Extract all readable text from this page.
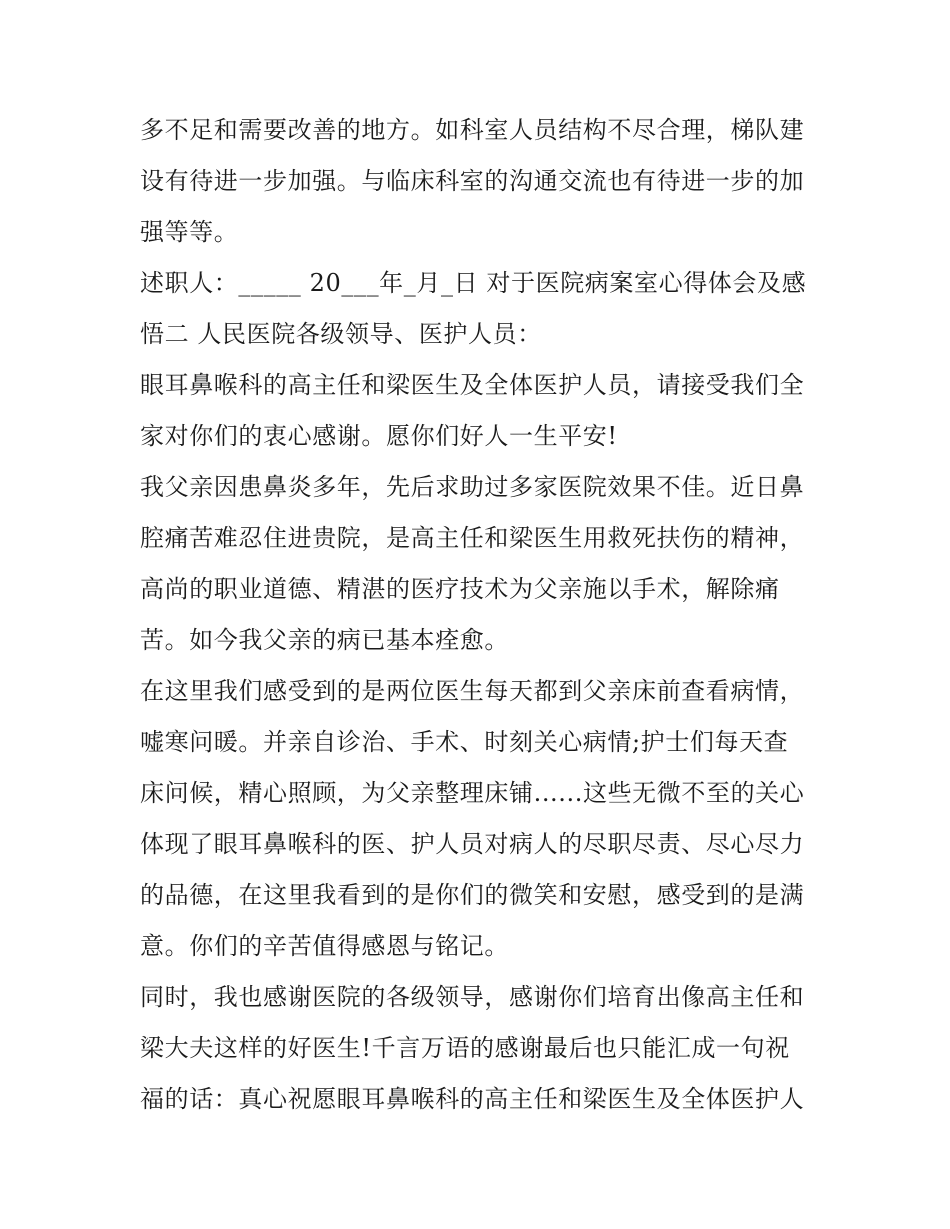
多不足和需要改善的地方。如科室人员结构不尽合理，梯队建
设有待进一步加强。与临床科室的沟通交流也有待进一步的加
强等等。
述职人：_____ 20___年_月_日 对于医院病案室心得体会及感
悟二 人民医院各级领导、医护人员：
眼耳鼻喉科的高主任和梁医生及全体医护人员，请接受我们全
家对你们的衷心感谢。愿你们好人一生平安!
我父亲因患鼻炎多年，先后求助过多家医院效果不佳。近日鼻
腔痛苦难忍住进贵院，是高主任和梁医生用救死扶伤的精神，
高尚的职业道德、精湛的医疗技术为父亲施以手术，解除痛
苦。如今我父亲的病已基本痊愈。
在这里我们感受到的是两位医生每天都到父亲床前查看病情，
嘘寒问暖。并亲自诊治、手术、时刻关心病情;护士们每天查
床问候，精心照顾，为父亲整理床铺......这些无微不至的关心
体现了眼耳鼻喉科的医、护人员对病人的尽职尽责、尽心尽力
的品德，在这里我看到的是你们的微笑和安慰，感受到的是满
意。你们的辛苦值得感恩与铭记。
同时，我也感谢医院的各级领导，感谢你们培育出像高主任和
梁大夫这样的好医生!千言万语的感谢最后也只能汇成一句祝
福的话：真心祝愿眼耳鼻喉科的高主任和梁医生及全体医护人
